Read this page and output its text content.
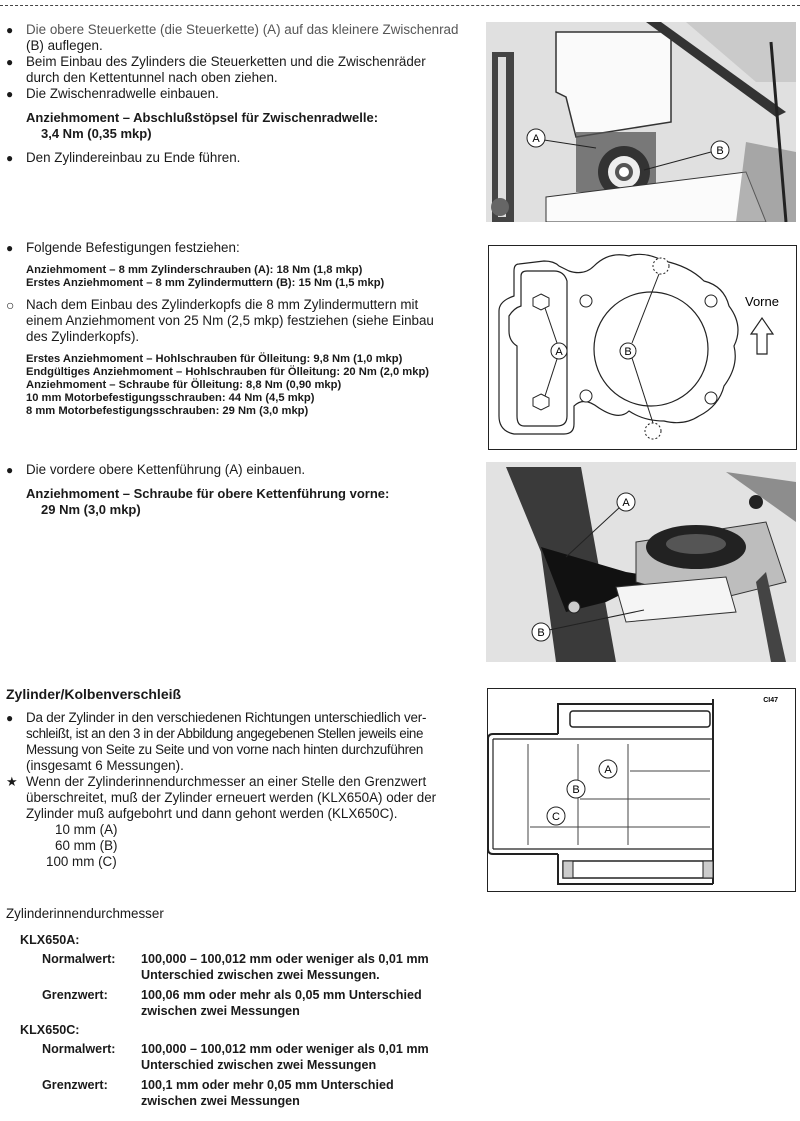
● Die obere Steuerkette (die Steuerkette) (A) auf das kleinere Zwischenrad
(B) auflegen.
● Beim Einbau des Zylinders die Steuerketten und die Zwischenräder
durch den Kettentunnel nach oben ziehen.
● Die Zwischenradwelle einbauen.
Anziehmoment – Abschlußstöpsel für Zwischenradwelle:
3,4 Nm (0,35 mkp)
● Den Zylindereinbau zu Ende führen.
● Folgende Befestigungen festziehen:
Anziehmoment – 8 mm Zylinderschrauben (A): 18 Nm (1,8 mkp)
Erstes Anziehmoment – 8 mm Zylindermuttern (B): 15 Nm (1,5 mkp)
○ Nach dem Einbau des Zylinderkopfs die 8 mm Zylindermuttern mit
einem Anziehmoment von 25 Nm (2,5 mkp) festziehen (siehe Einbau
des Zylinderkopfs).
Erstes Anziehmoment – Hohlschrauben für Ölleitung: 9,8 Nm (1,0 mkp)
Endgültiges Anziehmoment – Hohlschrauben für Ölleitung: 20 Nm (2,0 mkp)
Anziehmoment – Schraube für Ölleitung: 8,8 Nm (0,90 mkp)
10 mm Motorbefestigungsschrauben: 44 Nm (4,5 mkp)
8 mm Motorbefestigungsschrauben: 29 Nm (3,0 mkp)
● Die vordere obere Kettenführung (A) einbauen.
Anziehmoment – Schraube für obere Kettenführung vorne:
29 Nm (3,0 mkp)
Zylinder/Kolbenverschleiß
● Da der Zylinder in den verschiedenen Richtungen unterschiedlich ver-
schleißt, ist an den 3 in der Abbildung angegebenen Stellen jeweils eine
Messung von Seite zu Seite und von vorne nach hinten durchzuführen
(insgesamt 6 Messungen).
★ Wenn der Zylinderinnendurchmesser an einer Stelle den Grenzwert
überschreitet, muß der Zylinder erneuert werden (KLX650A) oder der
Zylinder muß aufgebohrt und dann gehont werden (KLX650C).
10 mm (A)
60 mm (B)
100 mm (C)
Zylinderinnendurchmesser
KLX650A:
Normalwert: 100,000 – 100,012 mm oder weniger als 0,01 mm
Unterschied zwischen zwei Messungen.
Grenzwert:	100,06 mm oder mehr als 0,05 mm Unterschied
zwischen zwei Messungen
KLX650C:
Normalwert: 100,000 – 100,012 mm oder weniger als 0,01 mm
Unterschied zwischen zwei Messungen
Grenzwert:	100,1 mm oder mehr 0,05 mm Unterschied
zwischen zwei Messungen
A
B
A	B
Vorne
A
B
CI47
A
B
C
